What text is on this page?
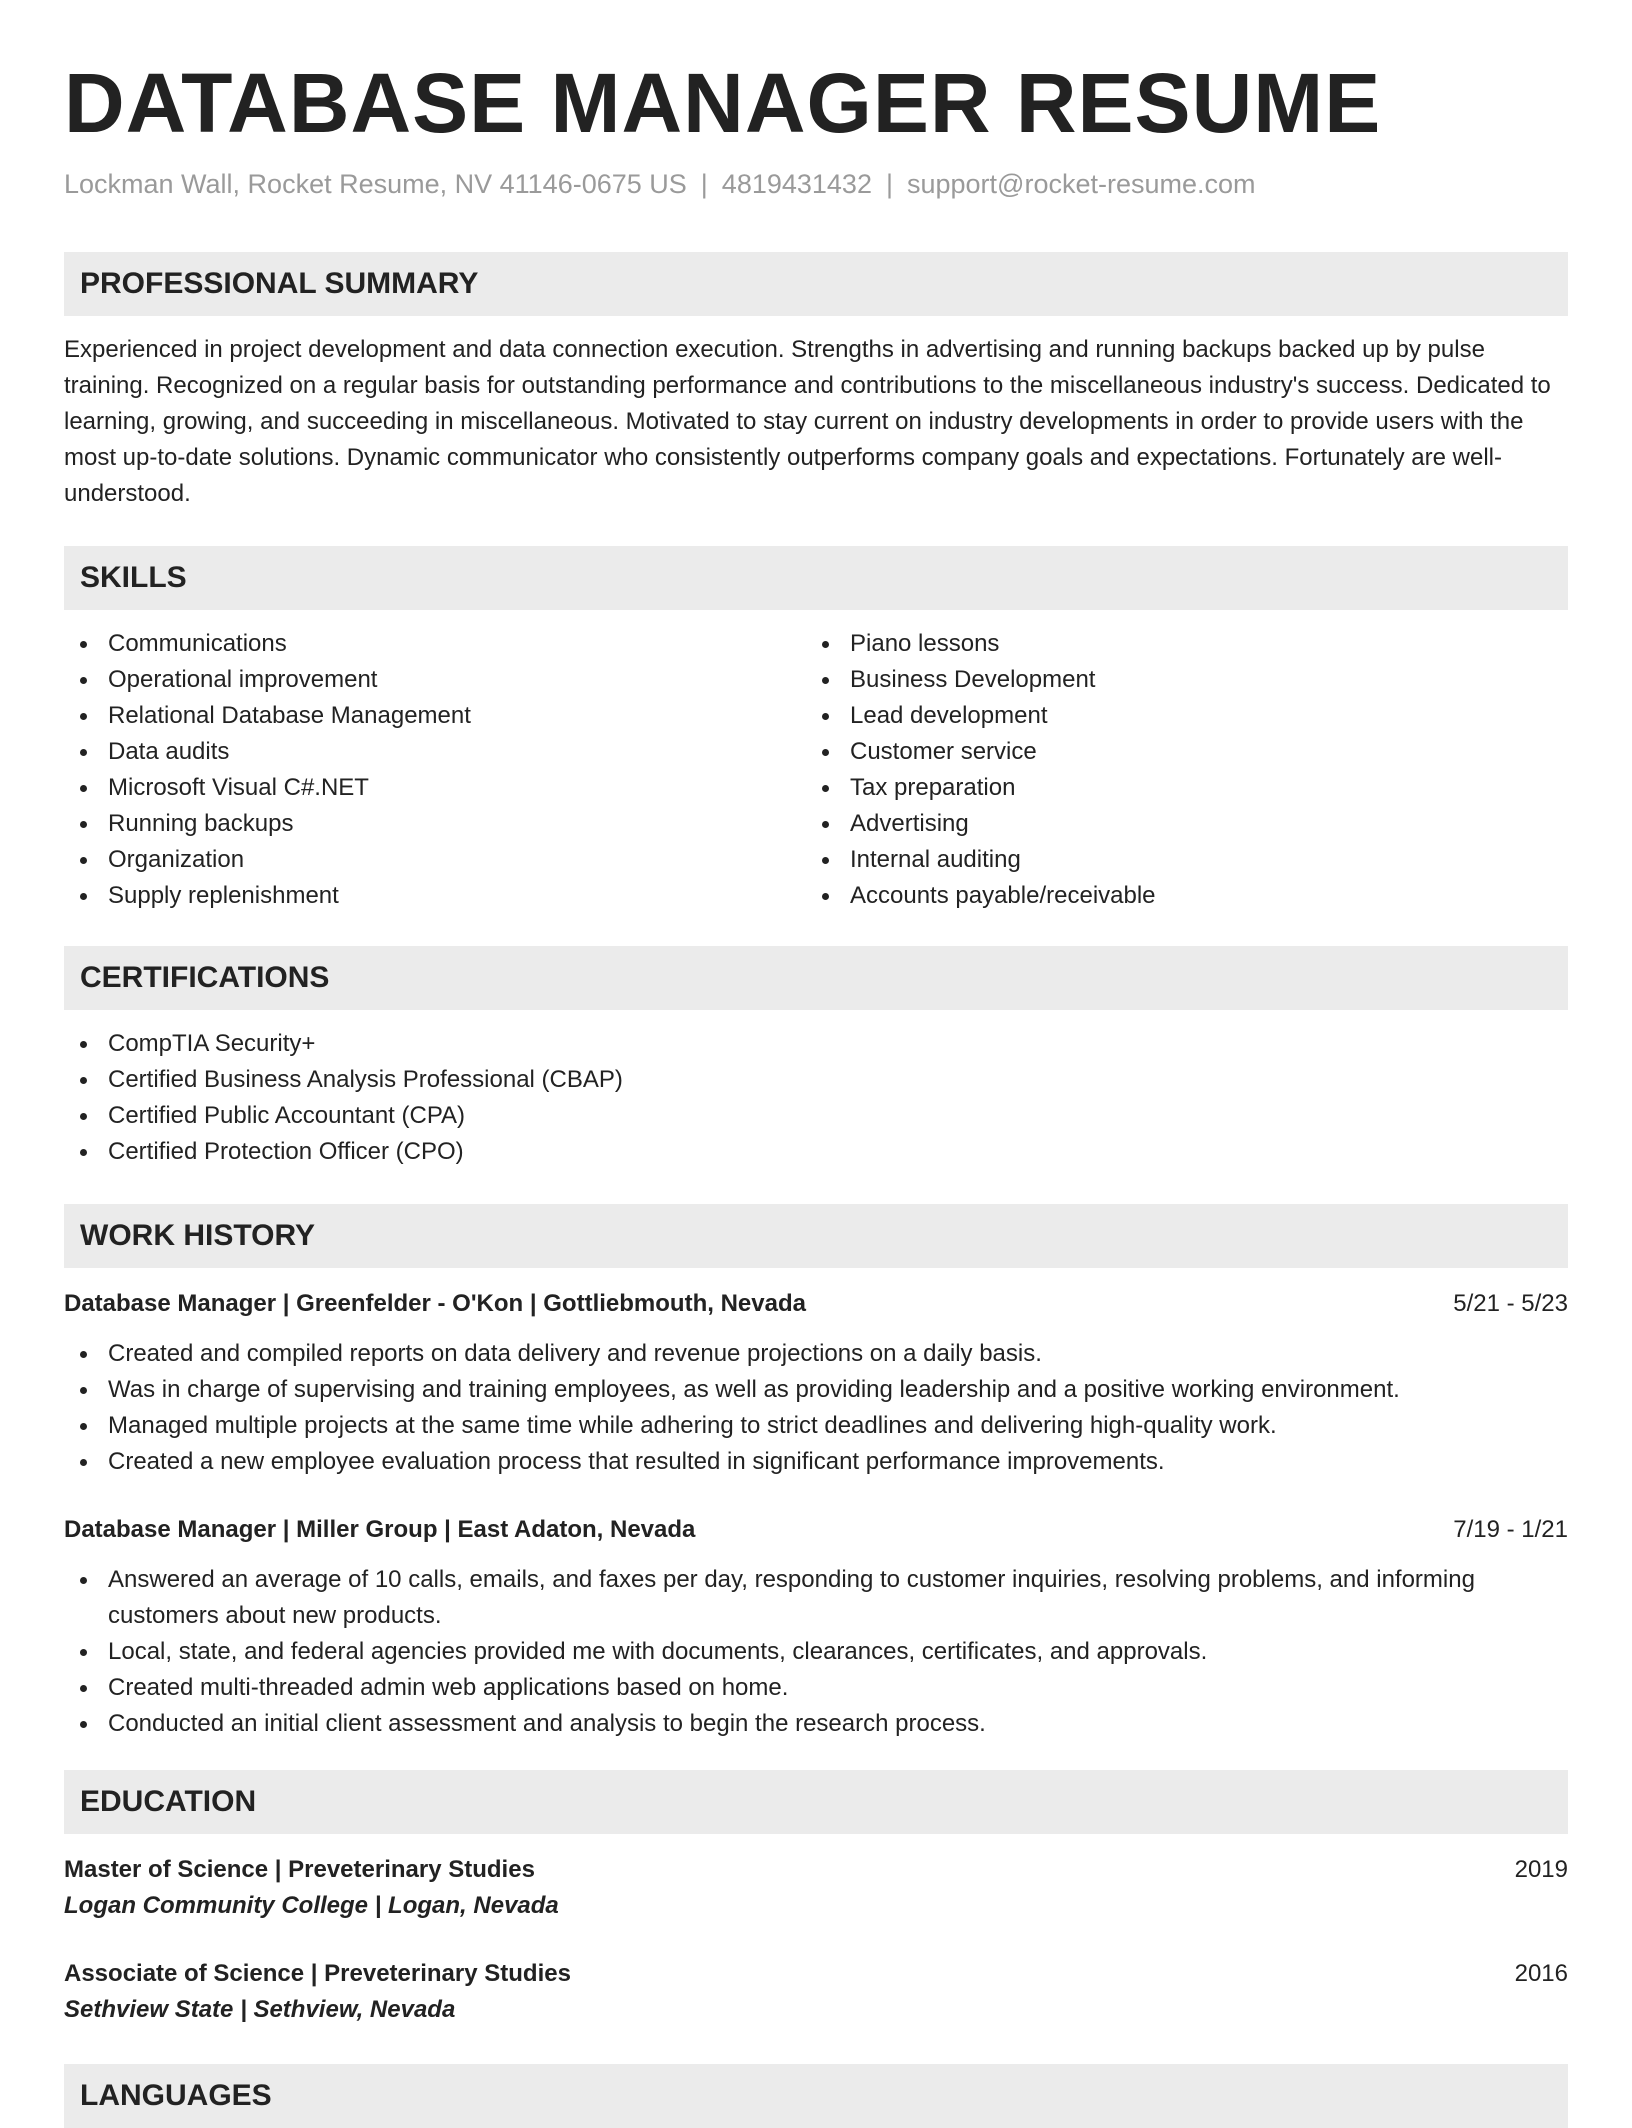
DATABASE MANAGER RESUME
Lockman Wall, Rocket Resume, NV 41146-0675 US | 4819431432 | support@rocket-resume.com
PROFESSIONAL SUMMARY
Experienced in project development and data connection execution. Strengths in advertising and running backups backed up by pulse training. Recognized on a regular basis for outstanding performance and contributions to the miscellaneous industry's success. Dedicated to learning, growing, and succeeding in miscellaneous. Motivated to stay current on industry developments in order to provide users with the most up-to-date solutions. Dynamic communicator who consistently outperforms company goals and expectations. Fortunately are well-understood.
SKILLS
Communications
Operational improvement
Relational Database Management
Data audits
Microsoft Visual C#.NET
Running backups
Organization
Supply replenishment
Piano lessons
Business Development
Lead development
Customer service
Tax preparation
Advertising
Internal auditing
Accounts payable/receivable
CERTIFICATIONS
CompTIA Security+
Certified Business Analysis Professional (CBAP)
Certified Public Accountant (CPA)
Certified Protection Officer (CPO)
WORK HISTORY
Database Manager | Greenfelder - O'Kon | Gottliebmouth, Nevada	5/21 - 5/23
Created and compiled reports on data delivery and revenue projections on a daily basis.
Was in charge of supervising and training employees, as well as providing leadership and a positive working environment.
Managed multiple projects at the same time while adhering to strict deadlines and delivering high-quality work.
Created a new employee evaluation process that resulted in significant performance improvements.
Database Manager | Miller Group | East Adaton, Nevada	7/19 - 1/21
Answered an average of 10 calls, emails, and faxes per day, responding to customer inquiries, resolving problems, and informing customers about new products.
Local, state, and federal agencies provided me with documents, clearances, certificates, and approvals.
Created multi-threaded admin web applications based on home.
Conducted an initial client assessment and analysis to begin the research process.
EDUCATION
Master of Science | Preveterinary Studies	2019
Logan Community College | Logan, Nevada
Associate of Science | Preveterinary Studies	2016
Sethview State | Sethview, Nevada
LANGUAGES
